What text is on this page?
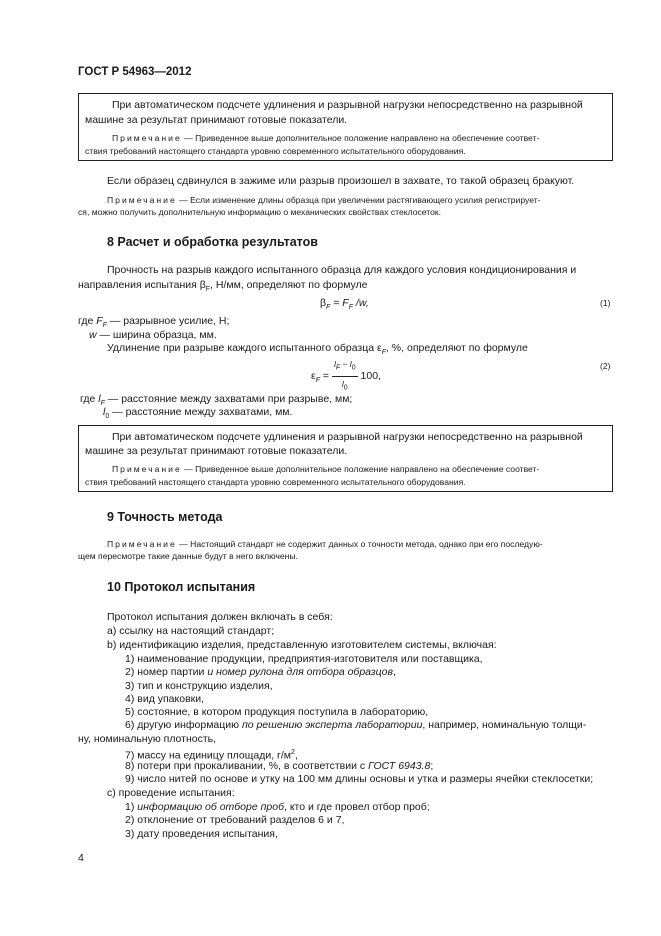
ГОСТ Р 54963—2012
При автоматическом подсчете удлинения и разрывной нагрузки непосредственно на разрывной
машине за результат принимают готовые показатели.
Примечание — Приведенное выше дополнительное положение направлено на обеспечение соответ-
ствия требований настоящего стандарта уровню современного испытательного оборудования.
Если образец сдвинулся в зажиме или разрыв произошел в захвате, то такой образец бракуют.
Примечание — Если изменение длины образца при увеличении растягивающего усилия регистрирует-
ся, можно получить дополнительную информацию о механических свойствах стеклосеток.
8 Расчет и обработка результатов
Прочность на разрыв каждого испытанного образца для каждого условия кондиционирования и
направления испытания $\beta_F$, Н/мм, определяют по формуле
$\beta_F = F_F$ /w,	(1)
где $F_F$ — разрывное усилие, Н;
w — ширина образца, мм.
Удлинение при разрыве каждого испытанного образца $\varepsilon_F$, %, определяют по формуле
$\varepsilon_F = \frac{l_F - l_0}{l_0} 100$,
(2)
где $l_F$ — расстояние между захватами при разрыве, мм;
$l_0$ — расстояние между захватами, мм.
При автоматическом подсчете удлинения и разрывной нагрузки непосредственно на разрывной
машине за результат принимают готовые показатели.
Примечание — Приведенное выше дополнительное положение направлено на обеспечение соответ-
ствия требований настоящего стандарта уровню современного испытательного оборудования.
9 Точность метода
Примечание — Настоящий стандарт не содержит данных о точности метода, однако при его последую-
щем пересмотре такие данные будут в него включены.
10 Протокол испытания
Протокол испытания должен включать в себя:
a) ссылку на настоящий стандарт;
b) идентификацию изделия, представленную изготовителем системы, включая:
1) наименование продукции, предприятия-изготовителя или поставщика,
2) номер партии и номер рулона для отбора образцов,
3) тип и конструкцию изделия,
4) вид упаковки,
5) состояние, в котором продукция поступила в лабораторию,
6) другую информацию по решению эксперта лаборатории, например, номинальную толщи-
ну, номинальную плотность,
7) массу на единицу площади, $г/м^2$,
8) потери при прокаливании, %, в соответствии с ГОСТ 6943.8;
9) число нитей по основе и утку на 100 мм длины основы и утка и размеры ячейки стеклосетки;
c) проведение испытания:
1) информацию об отборе проб, кто и где провел отбор проб;
2) отклонение от требований разделов 6 и 7,
3) дату проведения испытания,
4
